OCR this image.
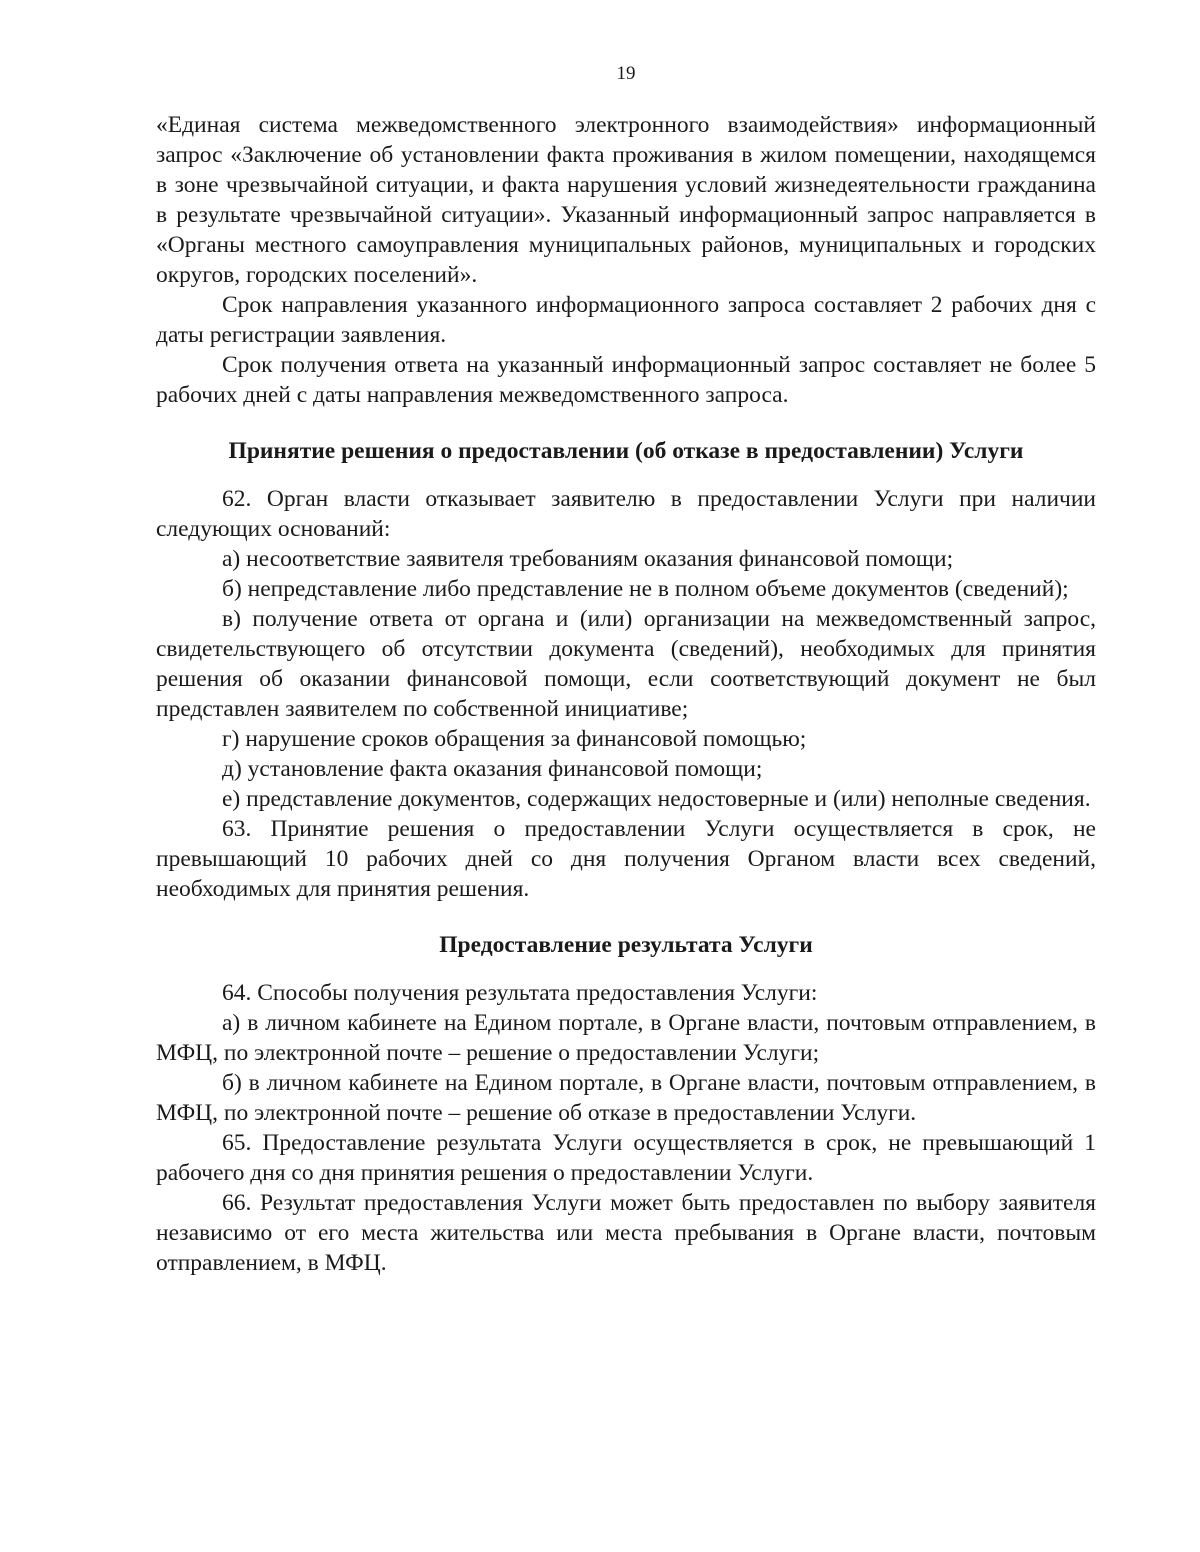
19

«Единая система межведомственного электронного взаимодействия» информационный запрос «Заключение об установлении факта проживания в жилом помещении, находящемся в зоне чрезвычайной ситуации, и факта нарушения условий жизнедеятельности гражданина в результате чрезвычайной ситуации». Указанный информационный запрос направляется в «Органы местного самоуправления муниципальных районов, муниципальных и городских округов, городских поселений».

Срок направления указанного информационного запроса составляет 2 рабочих дня с даты регистрации заявления.

Срок получения ответа на указанный информационный запрос составляет не более 5 рабочих дней с даты направления межведомственного запроса.

Принятие решения о предоставлении (об отказе в предоставлении) Услуги

62. Орган власти отказывает заявителю в предоставлении Услуги при наличии следующих оснований:

а) несоответствие заявителя требованиям оказания финансовой помощи;

б) непредставление либо представление не в полном объеме документов (сведений);

в) получение ответа от органа и (или) организации на межведомственный запрос, свидетельствующего об отсутствии документа (сведений), необходимых для принятия решения об оказании финансовой помощи, если соответствующий документ не был представлен заявителем по собственной инициативе;

г) нарушение сроков обращения за финансовой помощью;

д) установление факта оказания финансовой помощи;

е) представление документов, содержащих недостоверные и (или) неполные сведения.

63. Принятие решения о предоставлении Услуги осуществляется в срок, не превышающий 10 рабочих дней со дня получения Органом власти всех сведений, необходимых для принятия решения.

Предоставление результата Услуги

64. Способы получения результата предоставления Услуги:

а) в личном кабинете на Едином портале, в Органе власти, почтовым отправлением, в МФЦ, по электронной почте – решение о предоставлении Услуги;

б) в личном кабинете на Едином портале, в Органе власти, почтовым отправлением, в МФЦ, по электронной почте – решение об отказе в предоставлении Услуги.

65. Предоставление результата Услуги осуществляется в срок, не превышающий 1 рабочего дня со дня принятия решения о предоставлении Услуги.

66. Результат предоставления Услуги может быть предоставлен по выбору заявителя независимо от его места жительства или места пребывания в Органе власти, почтовым отправлением, в МФЦ.
